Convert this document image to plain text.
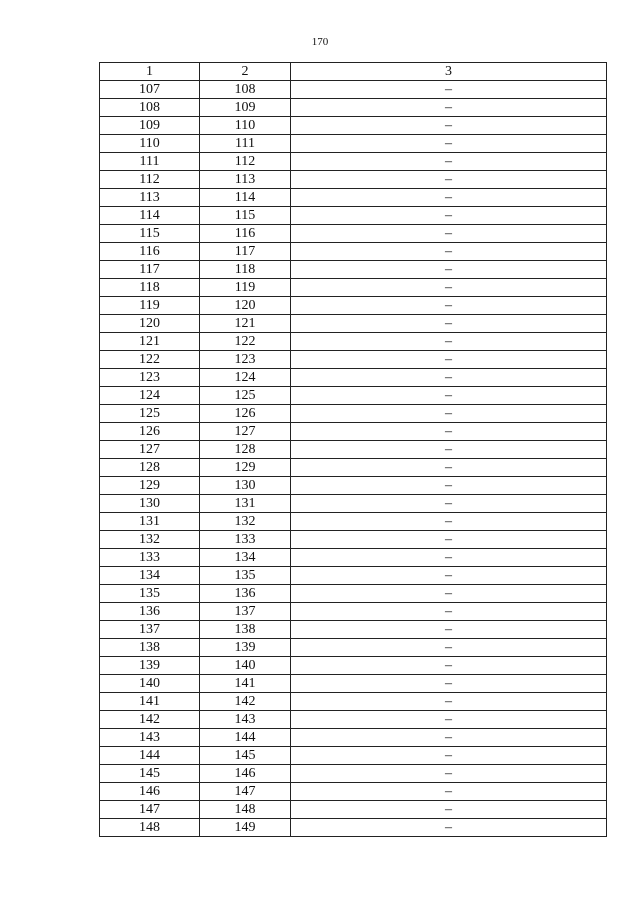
170
1	2	3
107	108	–
108	109	–
109	110	–
110	111	–
111	112	–
112	113	–
113	114	–
114	115	–
115	116	–
116	117	–
117	118	–
118	119	–
119	120	–
120	121	–
121	122	–
122	123	–
123	124	–
124	125	–
125	126	–
126	127	–
127	128	–
128	129	–
129	130	–
130	131	–
131	132	–
132	133	–
133	134	–
134	135	–
135	136	–
136	137	–
137	138	–
138	139	–
139	140	–
140	141	–
141	142	–
142	143	–
143	144	–
144	145	–
145	146	–
146	147	–
147	148	–
148	149	–
